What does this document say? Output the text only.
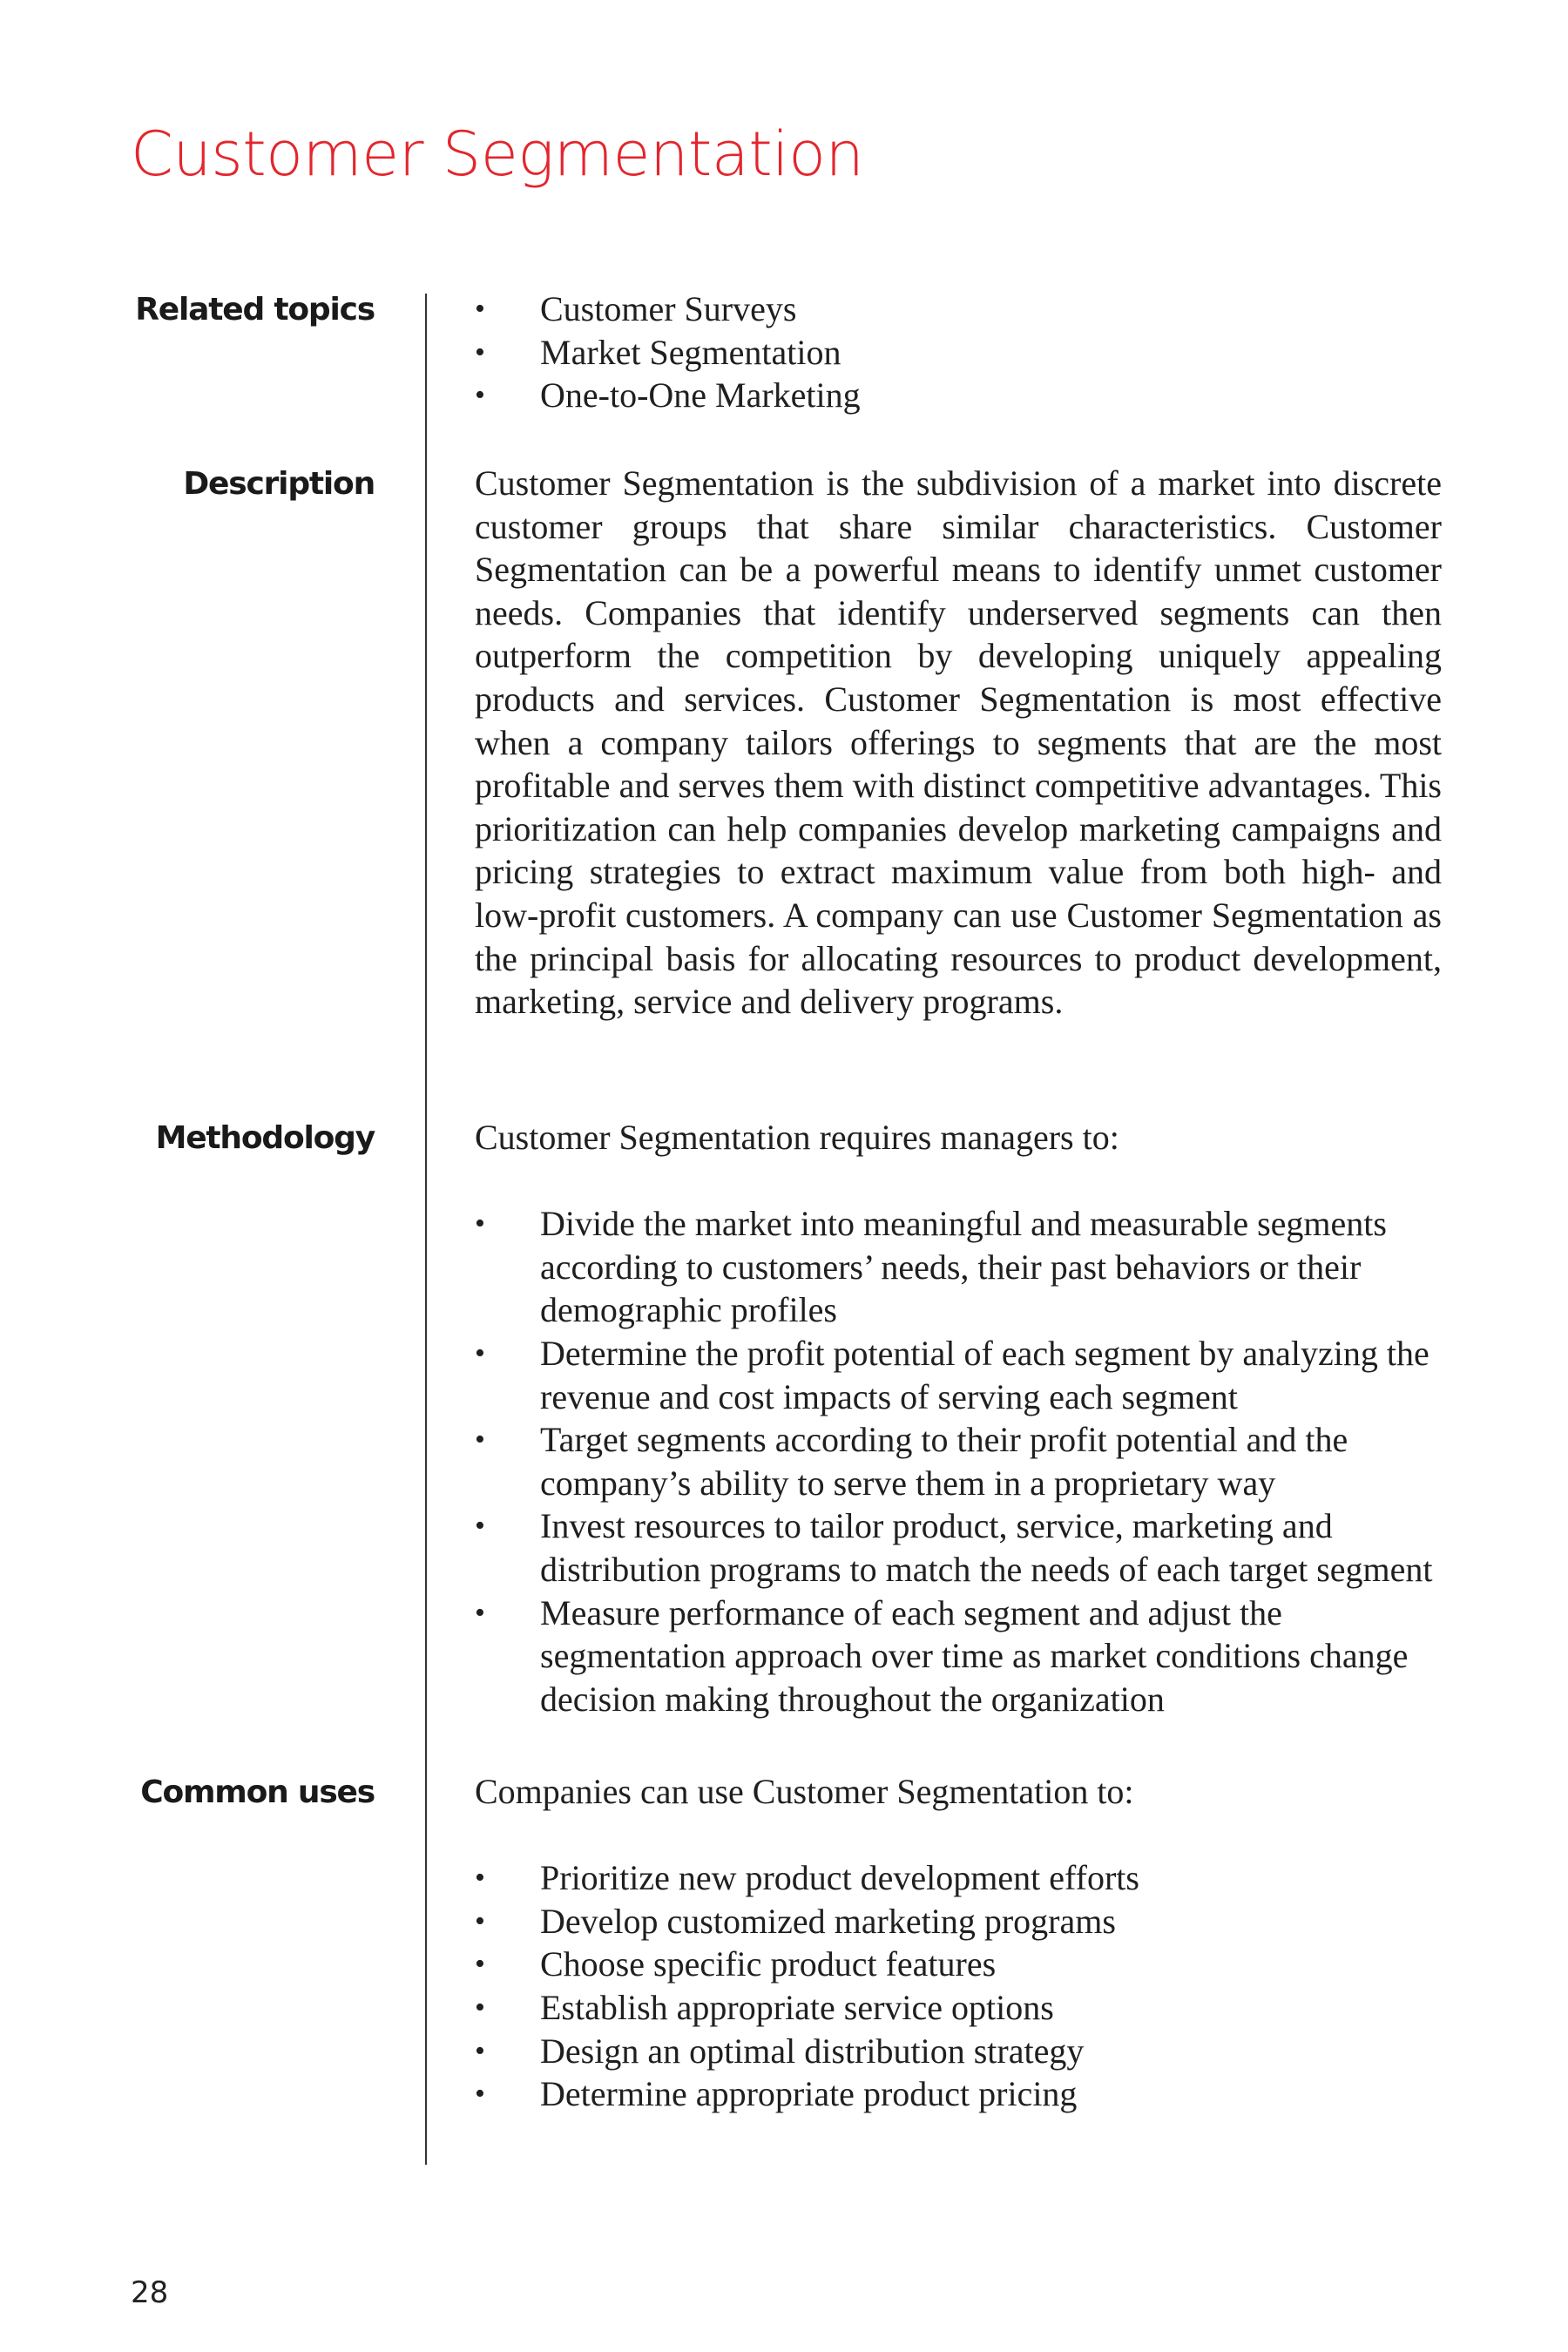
Customer Segmentation
Related topics	•	Customer Surveys
•	Market Segmentation
•	One-to-One Marketing
Description	Customer Segmentation is the subdivision of a market into discrete customer groups that share similar characteristics. Customer Segmentation can be a powerful means to identify unmet customer needs. Companies that identify underserved segments can then outperform the competition by developing uniquely appealing products and services. Customer Segmentation is most effective when a company tailors offerings to segments that are the most profitable and serves them with distinct competitive advantages. This prioritization can help companies develop marketing campaigns and pricing strategies to extract maximum value from both high- and low-profit customers. A company can use Customer Segmentation as the principal basis for allocating resources to product development, marketing, service and delivery programs.

Methodology	Customer Segmentation requires managers to:

•	Divide the market into meaningful and measurable segments according to customers’ needs, their past behaviors or their demographic profiles
•	Determine the profit potential of each segment by analyzing the revenue and cost impacts of serving each segment
•	Target segments according to their profit potential and the company’s ability to serve them in a proprietary way
•	Invest resources to tailor product, service, marketing and distribution programs to match the needs of each target segment
•	Measure performance of each segment and adjust the segmentation approach over time as market conditions change decision making throughout the organization
Common uses	Companies can use Customer Segmentation to:

•	Prioritize new product development efforts
•	Develop customized marketing programs
•	Choose specific product features
•	Establish appropriate service options
•	Design an optimal distribution strategy
•	Determine appropriate product pricing

28
